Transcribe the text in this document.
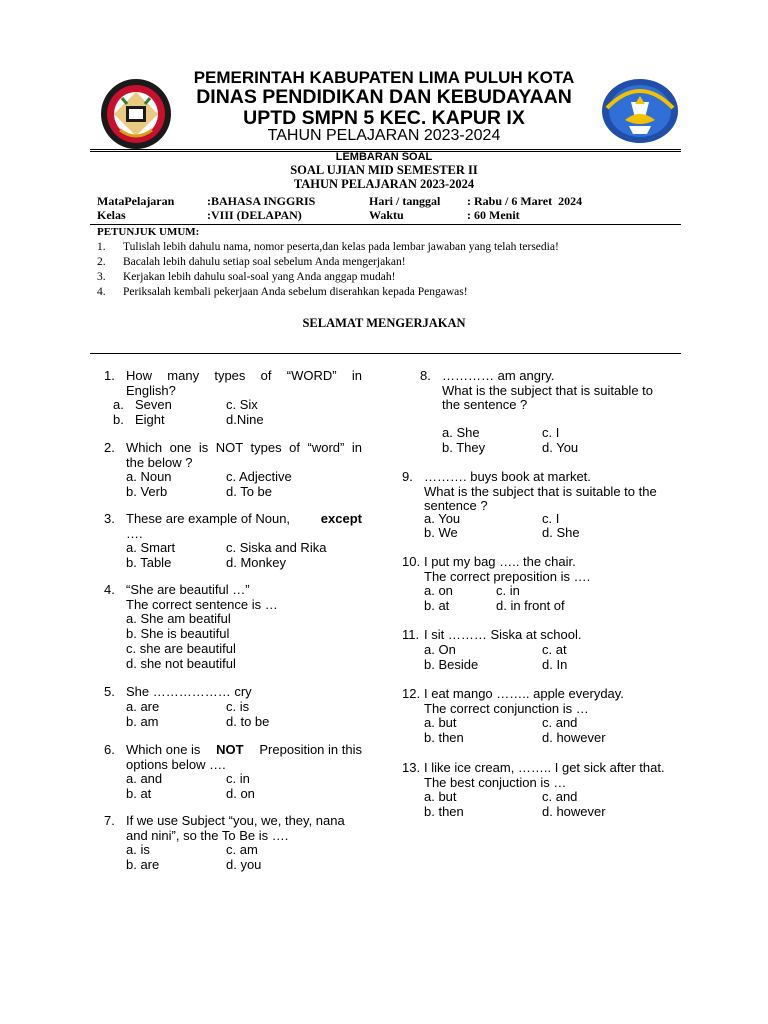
PEMERINTAH KABUPATEN LIMA PULUH KOTA
DINAS PENDIDIKAN DAN KEBUDAYAAN
UPTD SMPN 5 KEC. KAPUR IX
TAHUN PELAJARAN 2023-2024
LEMBARAN SOAL
SOAL UJIAN MID SEMESTER II
TAHUN PELAJARAN 2023-2024
MataPelajaran	:BAHASA INGGRIS	Hari / tanggal : Rabu / 6 Maret  2024
Kelas	:VIII (DELAPAN)	Waktu	: 60 Menit
PETUNJUK UMUM:
1. Tulislah lebih dahulu nama, nomor peserta,dan kelas pada lembar jawaban yang telah tersedia!
2. Bacalah lebih dahulu setiap soal sebelum Anda mengerjakan!
3. Kerjakan lebih dahulu soal-soal yang Anda anggap mudah!
4. Periksalah kembali pekerjaan Anda sebelum diserahkan kepada Pengawas!
SELAMAT MENGERJAKAN
1. How many types of “WORD” in
English?
a. Seven
b. Eight
c. Six
d.Nine
2. Which one is NOT types of “word” in
the below ?
a. Noun
b. Verb
c. Adjective
d. To be
3. These are example of Noun, except
….
a. Smart
b. Table
c. Siska and Rika
d. Monkey
4. “She are beautiful …”
The correct sentence is …
a. She am beatiful
b. She is beautiful
c. she are beautiful
d. she not beautiful
5. She ……………… cry
a. are
b. am
c. is
d. to be
6. Which one is NOT Preposition in this
options below ….
a. and
b. at
c. in
d. on
7. If we use Subject “you, we, they, nana
and nini”, so the To Be is ….
a. is
b. are
c. am
d. you
8. ………… am angry.
What is the subject that is suitable to
the sentence ?
a. She
b. They
c. I
d. You
9. ………. buys book at market.
What is the subject that is suitable to the
sentence ?
a. You
b. We
c. I
d. She
10. I put my bag ….. the chair.
The correct preposition is ….
a. on
b. at
c. in
d. in front of
11. I sit ……… Siska at school.
a. On
b. Beside
c. at
d. In
12. I eat mango …….. apple everyday.
The correct conjunction is …
a. but
b. then
c. and
d. however
13. I like ice cream, …….. I get sick after that.
The best conjuction is …
a. but
b. then
c. and
d. however
